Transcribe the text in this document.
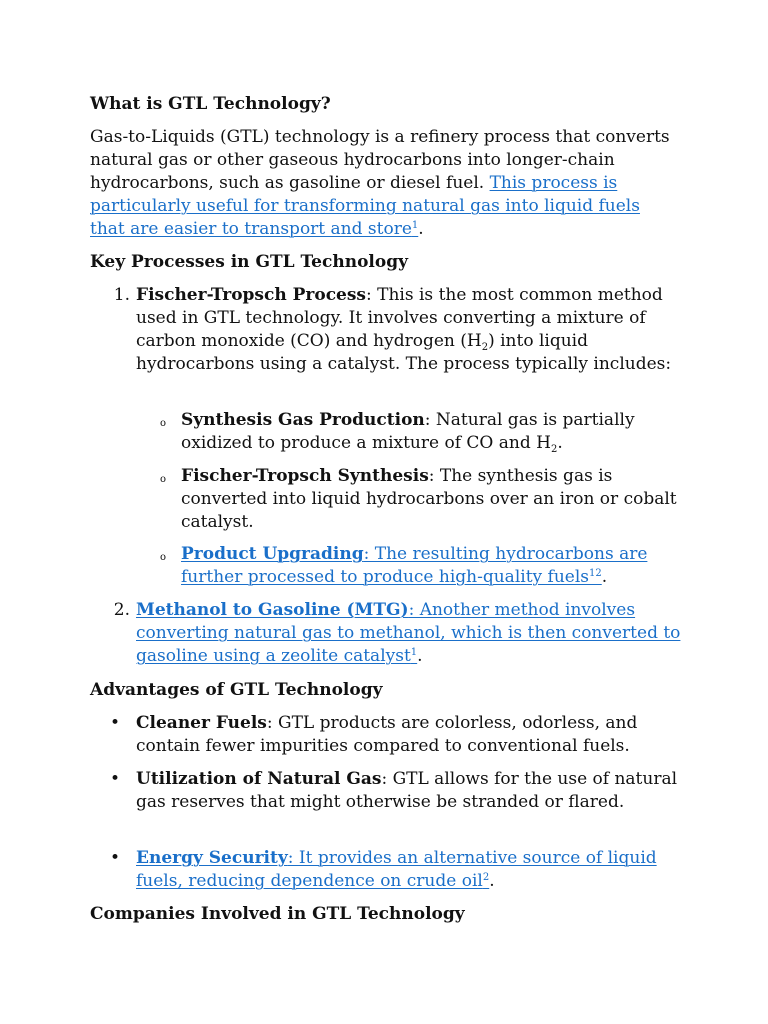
What is GTL Technology?
Gas-to-Liquids (GTL) technology is a refinery process that converts natural gas or other gaseous hydrocarbons into longer-chain hydrocarbons, such as gasoline or diesel fuel. This process is particularly useful for transforming natural gas into liquid fuels that are easier to transport and store$^1$.
Key Processes in GTL Technology
1. Fischer-Tropsch Process: This is the most common method used in GTL technology. It involves converting a mixture of carbon monoxide (CO) and hydrogen $(H_2)$ into liquid hydrocarbons using a catalyst. The process typically includes:
o Synthesis Gas Production: Natural gas is partially oxidized to produce a mixture of CO and $H_2$.
o Fischer-Tropsch Synthesis: The synthesis gas is converted into liquid hydrocarbons over an iron or cobalt catalyst.
o Product Upgrading: The resulting hydrocarbons are further processed to produce high-quality fuels$^{12}$.
2. Methanol to Gasoline (MTG): Another method involves converting natural gas to methanol, which is then converted to gasoline using a zeolite catalyst$^1$.
Advantages of GTL Technology
• Cleaner Fuels: GTL products are colorless, odorless, and contain fewer impurities compared to conventional fuels.
• Utilization of Natural Gas: GTL allows for the use of natural gas reserves that might otherwise be stranded or flared.
• Energy Security: It provides an alternative source of liquid fuels, reducing dependence on crude oil$^2$.
Companies Involved in GTL Technology
